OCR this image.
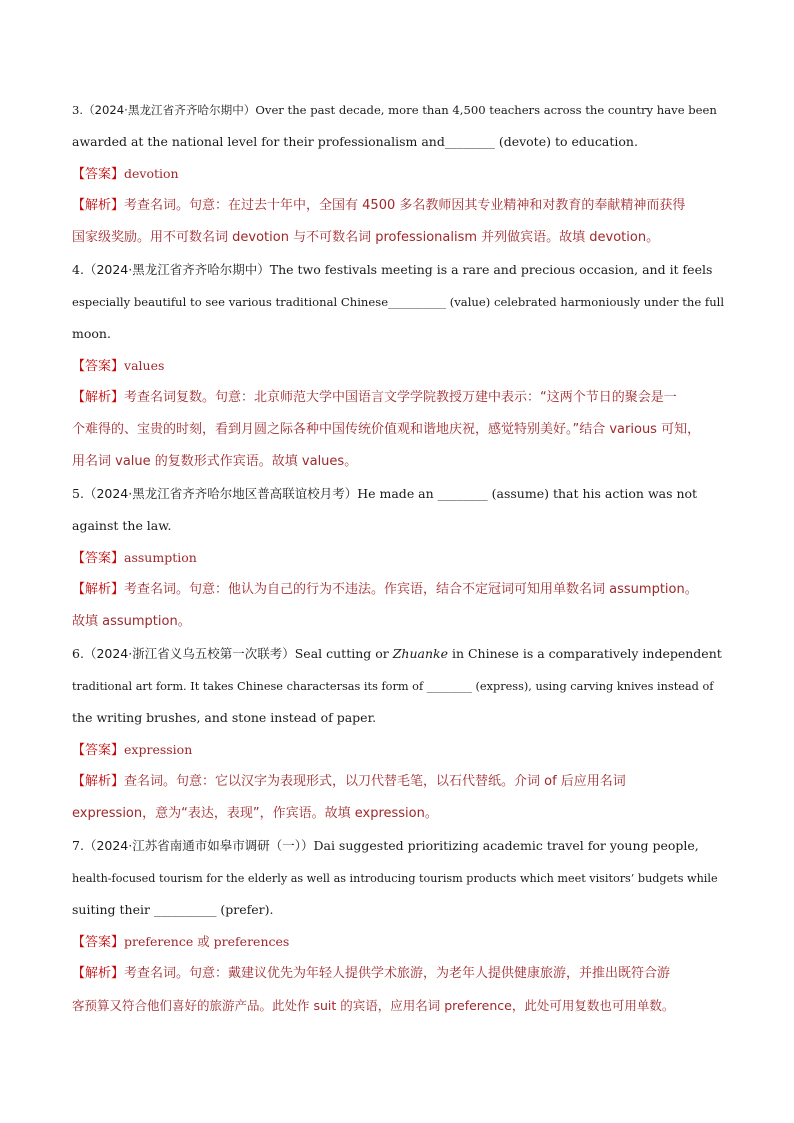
3.（2024·黑龙江省齐齐哈尔期中）Over the past decade, more than 4,500 teachers across the country have been
awarded at the national level for their professionalism and________ (devote) to education.
【答案】devotion
【解析】考查名词。句意：在过去十年中，全国有 4500 多名教师因其专业精神和对教育的奉献精神而获得
国家级奖励。用不可数名词 devotion 与不可数名词 professionalism 并列做宾语。故填 devotion。
4.（2024·黑龙江省齐齐哈尔期中）The two festivals meeting is a rare and precious occasion, and it feels
especially beautiful to see various traditional Chinese__________ (value) celebrated harmoniously under the full
moon.
【答案】values
【解析】考查名词复数。句意：北京师范大学中国语言文学学院教授万建中表示：“这两个节日的聚会是一
个难得的、宝贵的时刻，看到月圆之际各种中国传统价值观和谐地庆祝，感觉特别美好。”结合 various 可知，
用名词 value 的复数形式作宾语。故填 values。
5.（2024·黑龙江省齐齐哈尔地区普高联谊校月考）He made an ________ (assume) that his action was not
against the law.
【答案】assumption
【解析】考查名词。句意：他认为自己的行为不违法。作宾语，结合不定冠词可知用单数名词 assumption。
故填 assumption。
6.（2024·浙江省义乌五校第一次联考）Seal cutting or Zhuanke in Chinese is a comparatively independent
traditional art form. It takes Chinese charactersas its form of ________ (express), using carving knives instead of
the writing brushes, and stone instead of paper.
【答案】expression
【解析】查名词。句意：它以汉字为表现形式，以刀代替毛笔，以石代替纸。介词 of 后应用名词
expression，意为“表达，表现”，作宾语。故填 expression。
7.（2024·江苏省南通市如皋市调研（一））Dai suggested prioritizing academic travel for young people,
health-focused tourism for the elderly as well as introducing tourism products which meet visitors’ budgets while
suiting their __________ (prefer).
【答案】preference 或 preferences
【解析】考查名词。句意：戴建议优先为年轻人提供学术旅游，为老年人提供健康旅游，并推出既符合游
客预算又符合他们喜好的旅游产品。此处作 suit 的宾语，应用名词 preference，此处可用复数也可用单数。
